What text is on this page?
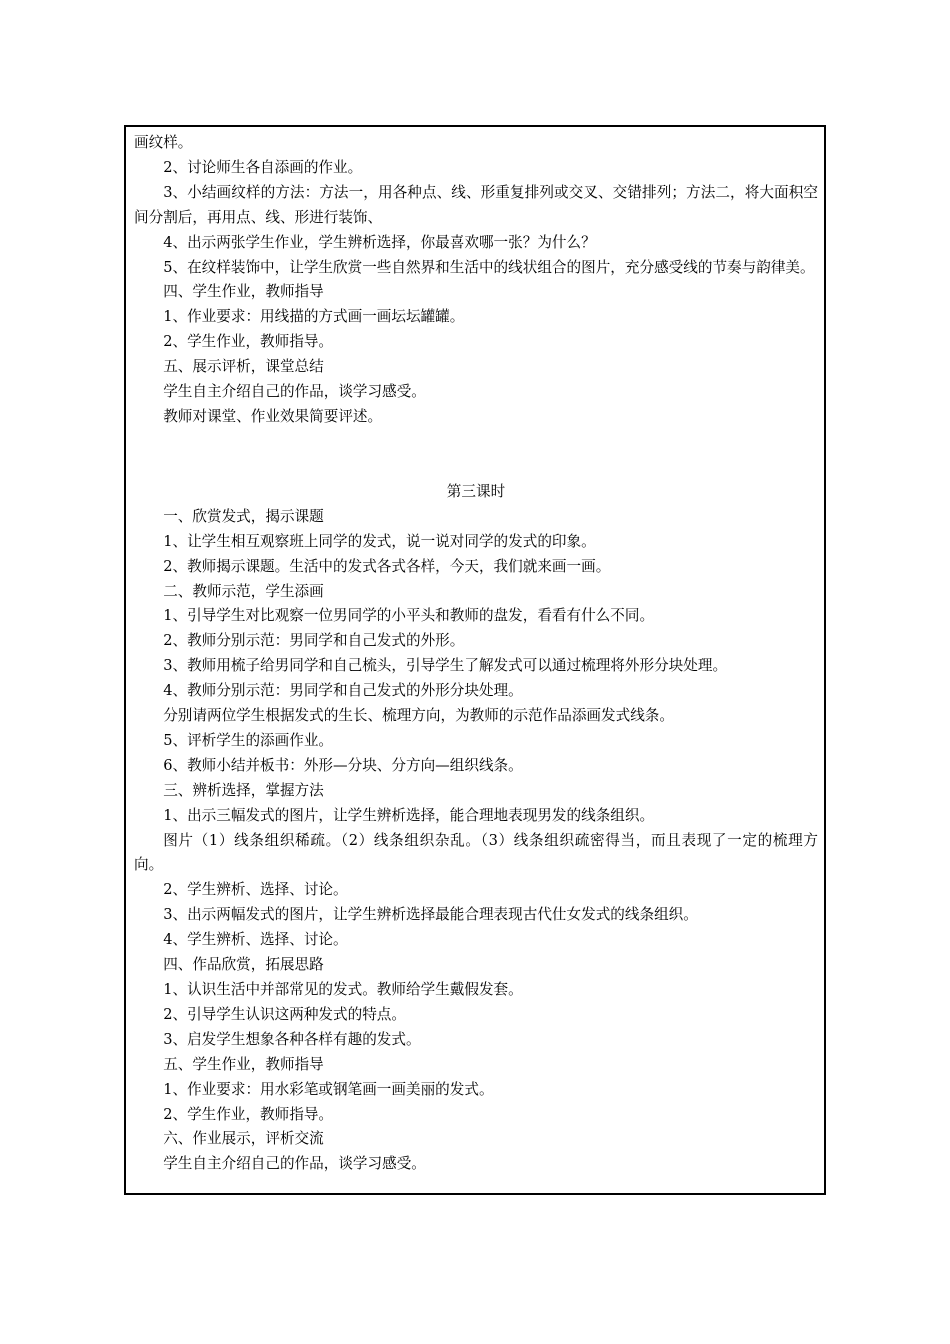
画纹样。

2、讨论师生各自添画的作业。

3、小结画纹样的方法：方法一，用各种点、线、形重复排列或交叉、交错排列；方法二，将大面积空间分割后，再用点、线、形进行装饰、

4、出示两张学生作业，学生辨析选择，你最喜欢哪一张？为什么？

5、在纹样装饰中，让学生欣赏一些自然界和生活中的线状组合的图片，充分感受线的节奏与韵律美。

四、学生作业，教师指导

1、作业要求：用线描的方式画一画坛坛罐罐。

2、学生作业，教师指导。

五、展示评析，课堂总结

学生自主介绍自己的作品，谈学习感受。

教师对课堂、作业效果简要评述。

第三课时

一、欣赏发式，揭示课题

1、让学生相互观察班上同学的发式，说一说对同学的发式的印象。

2、教师揭示课题。生活中的发式各式各样，今天，我们就来画一画。

二、教师示范，学生添画

1、引导学生对比观察一位男同学的小平头和教师的盘发，看看有什么不同。

2、教师分别示范：男同学和自己发式的外形。

3、教师用梳子给男同学和自己梳头，引导学生了解发式可以通过梳理将外形分块处理。

4、教师分别示范：男同学和自己发式的外形分块处理。

分别请两位学生根据发式的生长、梳理方向，为教师的示范作品添画发式线条。

5、评析学生的添画作业。

6、教师小结并板书：外形—分块、分方向—组织线条。

三、辨析选择，掌握方法

1、出示三幅发式的图片，让学生辨析选择，能合理地表现男发的线条组织。

图片（1）线条组织稀疏。（2）线条组织杂乱。（3）线条组织疏密得当，而且表现了一定的梳理方向。

2、学生辨析、选择、讨论。

3、出示两幅发式的图片，让学生辨析选择最能合理表现古代仕女发式的线条组织。

4、学生辨析、选择、讨论。

四、作品欣赏，拓展思路

1、认识生活中并部常见的发式。教师给学生戴假发套。

2、引导学生认识这两种发式的特点。

3、启发学生想象各种各样有趣的发式。

五、学生作业，教师指导

1、作业要求：用水彩笔或钢笔画一画美丽的发式。

2、学生作业，教师指导。

六、作业展示，评析交流

学生自主介绍自己的作品，谈学习感受。
